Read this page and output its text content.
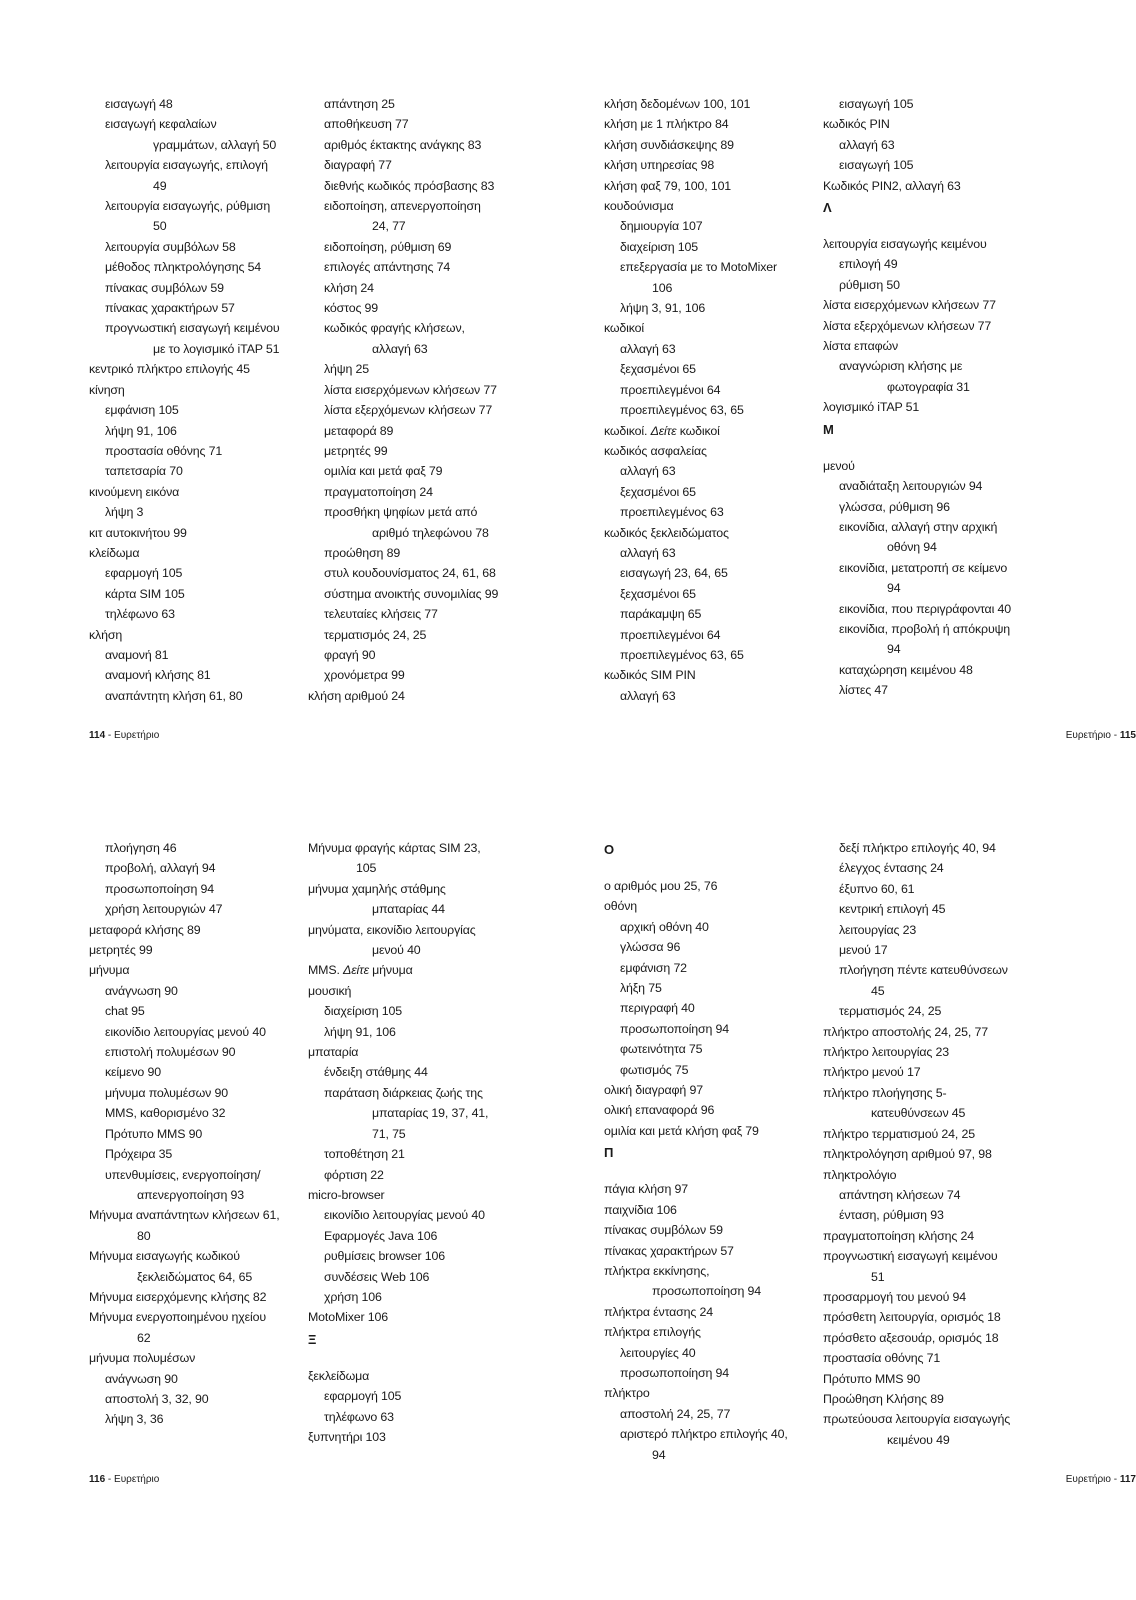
εισαγωγή 48
εισαγωγή κεφαλαίων
γραμμάτων, αλλαγή 50
λειτουργία εισαγωγής, επιλογή
49
λειτουργία εισαγωγής, ρύθμιση
50
λειτουργία συμβόλων 58
μέθοδος πληκτρολόγησης 54
πίνακας συμβόλων 59
πίνακας χαρακτήρων 57
προγνωστική εισαγωγή κειμένου
με το λογισμικό iTAP 51
κεντρικό πλήκτρο επιλογής 45
κίνηση
εμφάνιση 105
λήψη 91, 106
προστασία οθόνης 71
ταπετσαρία 70
κινούμενη εικόνα
λήψη 3
κιτ αυτοκινήτου 99
κλείδωμα
εφαρμογή 105
κάρτα SIM 105
τηλέφωνο 63
κλήση
αναμονή 81
αναμονή κλήσης 81
αναπάντητη κλήση 61, 80
απάντηση 25
αποθήκευση 77
αριθμός έκτακτης ανάγκης 83
διαγραφή 77
διεθνής κωδικός πρόσβασης 83
ειδοποίηση, απενεργοποίηση
24, 77
ειδοποίηση, ρύθμιση 69
επιλογές απάντησης 74
κλήση 24
κόστος 99
κωδικός φραγής κλήσεων,
αλλαγή 63
λήψη 25
λίστα εισερχόμενων κλήσεων 77
λίστα εξερχόμενων κλήσεων 77
μεταφορά 89
μετρητές 99
ομιλία και μετά φαξ 79
πραγματοποίηση 24
προσθήκη ψηφίων μετά από
αριθμό τηλεφώνου 78
προώθηση 89
στυλ κουδουνίσματος 24, 61, 68
σύστημα ανοικτής συνομιλίας 99
τελευταίες κλήσεις 77
τερματισμός 24, 25
φραγή 90
χρονόμετρα 99
κλήση αριθμού 24
114 - Ευρετήριο
κλήση δεδομένων 100, 101
κλήση με 1 πλήκτρο 84
κλήση συνδιάσκεψης 89
κλήση υπηρεσίας 98
κλήση φαξ 79, 100, 101
κουδούνισμα
δημιουργία 107
διαχείριση 105
επεξεργασία με το MotoMixer
106
λήψη 3, 91, 106
κωδικοί
αλλαγή 63
ξεχασμένοι 65
προεπιλεγμένοι 64
προεπιλεγμένος 63, 65
κωδικοί. Δείτε κωδικοί
κωδικός ασφαλείας
αλλαγή 63
ξεχασμένοι 65
προεπιλεγμένος 63
κωδικός ξεκλειδώματος
αλλαγή 63
εισαγωγή 23, 64, 65
ξεχασμένοι 65
παράκαμψη 65
προεπιλεγμένοι 64
προεπιλεγμένος 63, 65
κωδικός SIM PIN
αλλαγή 63
εισαγωγή 105
κωδικός PIN
αλλαγή 63
εισαγωγή 105
Κωδικός PIN2, αλλαγή 63
Λ
λειτουργία εισαγωγής κειμένου
επιλογή 49
ρύθμιση 50
λίστα εισερχόμενων κλήσεων 77
λίστα εξερχόμενων κλήσεων 77
λίστα επαφών
αναγνώριση κλήσης με
φωτογραφία 31
λογισμικό iTAP 51
Μ
μενού
αναδιάταξη λειτουργιών 94
γλώσσα, ρύθμιση 96
εικονίδια, αλλαγή στην αρχική
οθόνη 94
εικονίδια, μετατροπή σε κείμενο
94
εικονίδια, που περιγράφονται 40
εικονίδια, προβολή ή απόκρυψη
94
καταχώρηση κειμένου 48
λίστες 47
Ευρετήριο - 115
πλοήγηση 46
προβολή, αλλαγή 94
προσωποποίηση 94
χρήση λειτουργιών 47
μεταφορά κλήσης 89
μετρητές 99
μήνυμα
ανάγνωση 90
chat 95
εικονίδιο λειτουργίας μενού 40
επιστολή πολυμέσων 90
κείμενο 90
μήνυμα πολυμέσων 90
MMS, καθορισμένο 32
Πρότυπο MMS 90
Πρόχειρα 35
υπενθυμίσεις, ενεργοποίηση/
απενεργοποίηση 93
Μήνυμα αναπάντητων κλήσεων 61,
80
Μήνυμα εισαγωγής κωδικού
ξεκλειδώματος 64, 65
Μήνυμα εισερχόμενης κλήσης 82
Μήνυμα ενεργοποιημένου ηχείου
62
μήνυμα πολυμέσων
ανάγνωση 90
αποστολή 3, 32, 90
λήψη 3, 36
Μήνυμα φραγής κάρτας SIM 23,
105
μήνυμα χαμηλής στάθμης
μπαταρίας 44
μηνύματα, εικονίδιο λειτουργίας
μενού 40
MMS. Δείτε μήνυμα
μουσική
διαχείριση 105
λήψη 91, 106
μπαταρία
ένδειξη στάθμης 44
παράταση διάρκειας ζωής της
μπαταρίας 19, 37, 41,
71, 75
τοποθέτηση 21
φόρτιση 22
micro-browser
εικονίδιο λειτουργίας μενού 40
Εφαρμογές Java 106
ρυθμίσεις browser 106
συνδέσεις Web 106
χρήση 106
MotoMixer 106
Ξ
ξεκλείδωμα
εφαρμογή 105
τηλέφωνο 63
ξυπνητήρι 103
116 - Ευρετήριο
Ο
ο αριθμός μου 25, 76
οθόνη
αρχική οθόνη 40
γλώσσα 96
εμφάνιση 72
λήξη 75
περιγραφή 40
προσωποποίηση 94
φωτεινότητα 75
φωτισμός 75
ολική διαγραφή 97
ολική επαναφορά 96
ομιλία και μετά κλήση φαξ 79
Π
πάγια κλήση 97
παιχνίδια 106
πίνακας συμβόλων 59
πίνακας χαρακτήρων 57
πλήκτρα εκκίνησης,
προσωποποίηση 94
πλήκτρα έντασης 24
πλήκτρα επιλογής
λειτουργίες 40
προσωποποίηση 94
πλήκτρο
αποστολή 24, 25, 77
αριστερό πλήκτρο επιλογής 40,
94
δεξί πλήκτρο επιλογής 40, 94
έλεγχος έντασης 24
έξυπνο 60, 61
κεντρική επιλογή 45
λειτουργίας 23
μενού 17
πλοήγηση πέντε κατευθύνσεων
45
τερματισμός 24, 25
πλήκτρο αποστολής 24, 25, 77
πλήκτρο λειτουργίας 23
πλήκτρο μενού 17
πλήκτρο πλοήγησης 5-
κατευθύνσεων 45
πλήκτρο τερματισμού 24, 25
πληκτρολόγηση αριθμού 97, 98
πληκτρολόγιο
απάντηση κλήσεων 74
ένταση, ρύθμιση 93
πραγματοποίηση κλήσης 24
προγνωστική εισαγωγή κειμένου
51
προσαρμογή του μενού 94
πρόσθετη λειτουργία, ορισμός 18
πρόσθετο αξεσουάρ, ορισμός 18
προστασία οθόνης 71
Πρότυπο MMS 90
Προώθηση Κλήσης 89
πρωτεύουσα λειτουργία εισαγωγής
κειμένου 49
Ευρετήριο - 117
